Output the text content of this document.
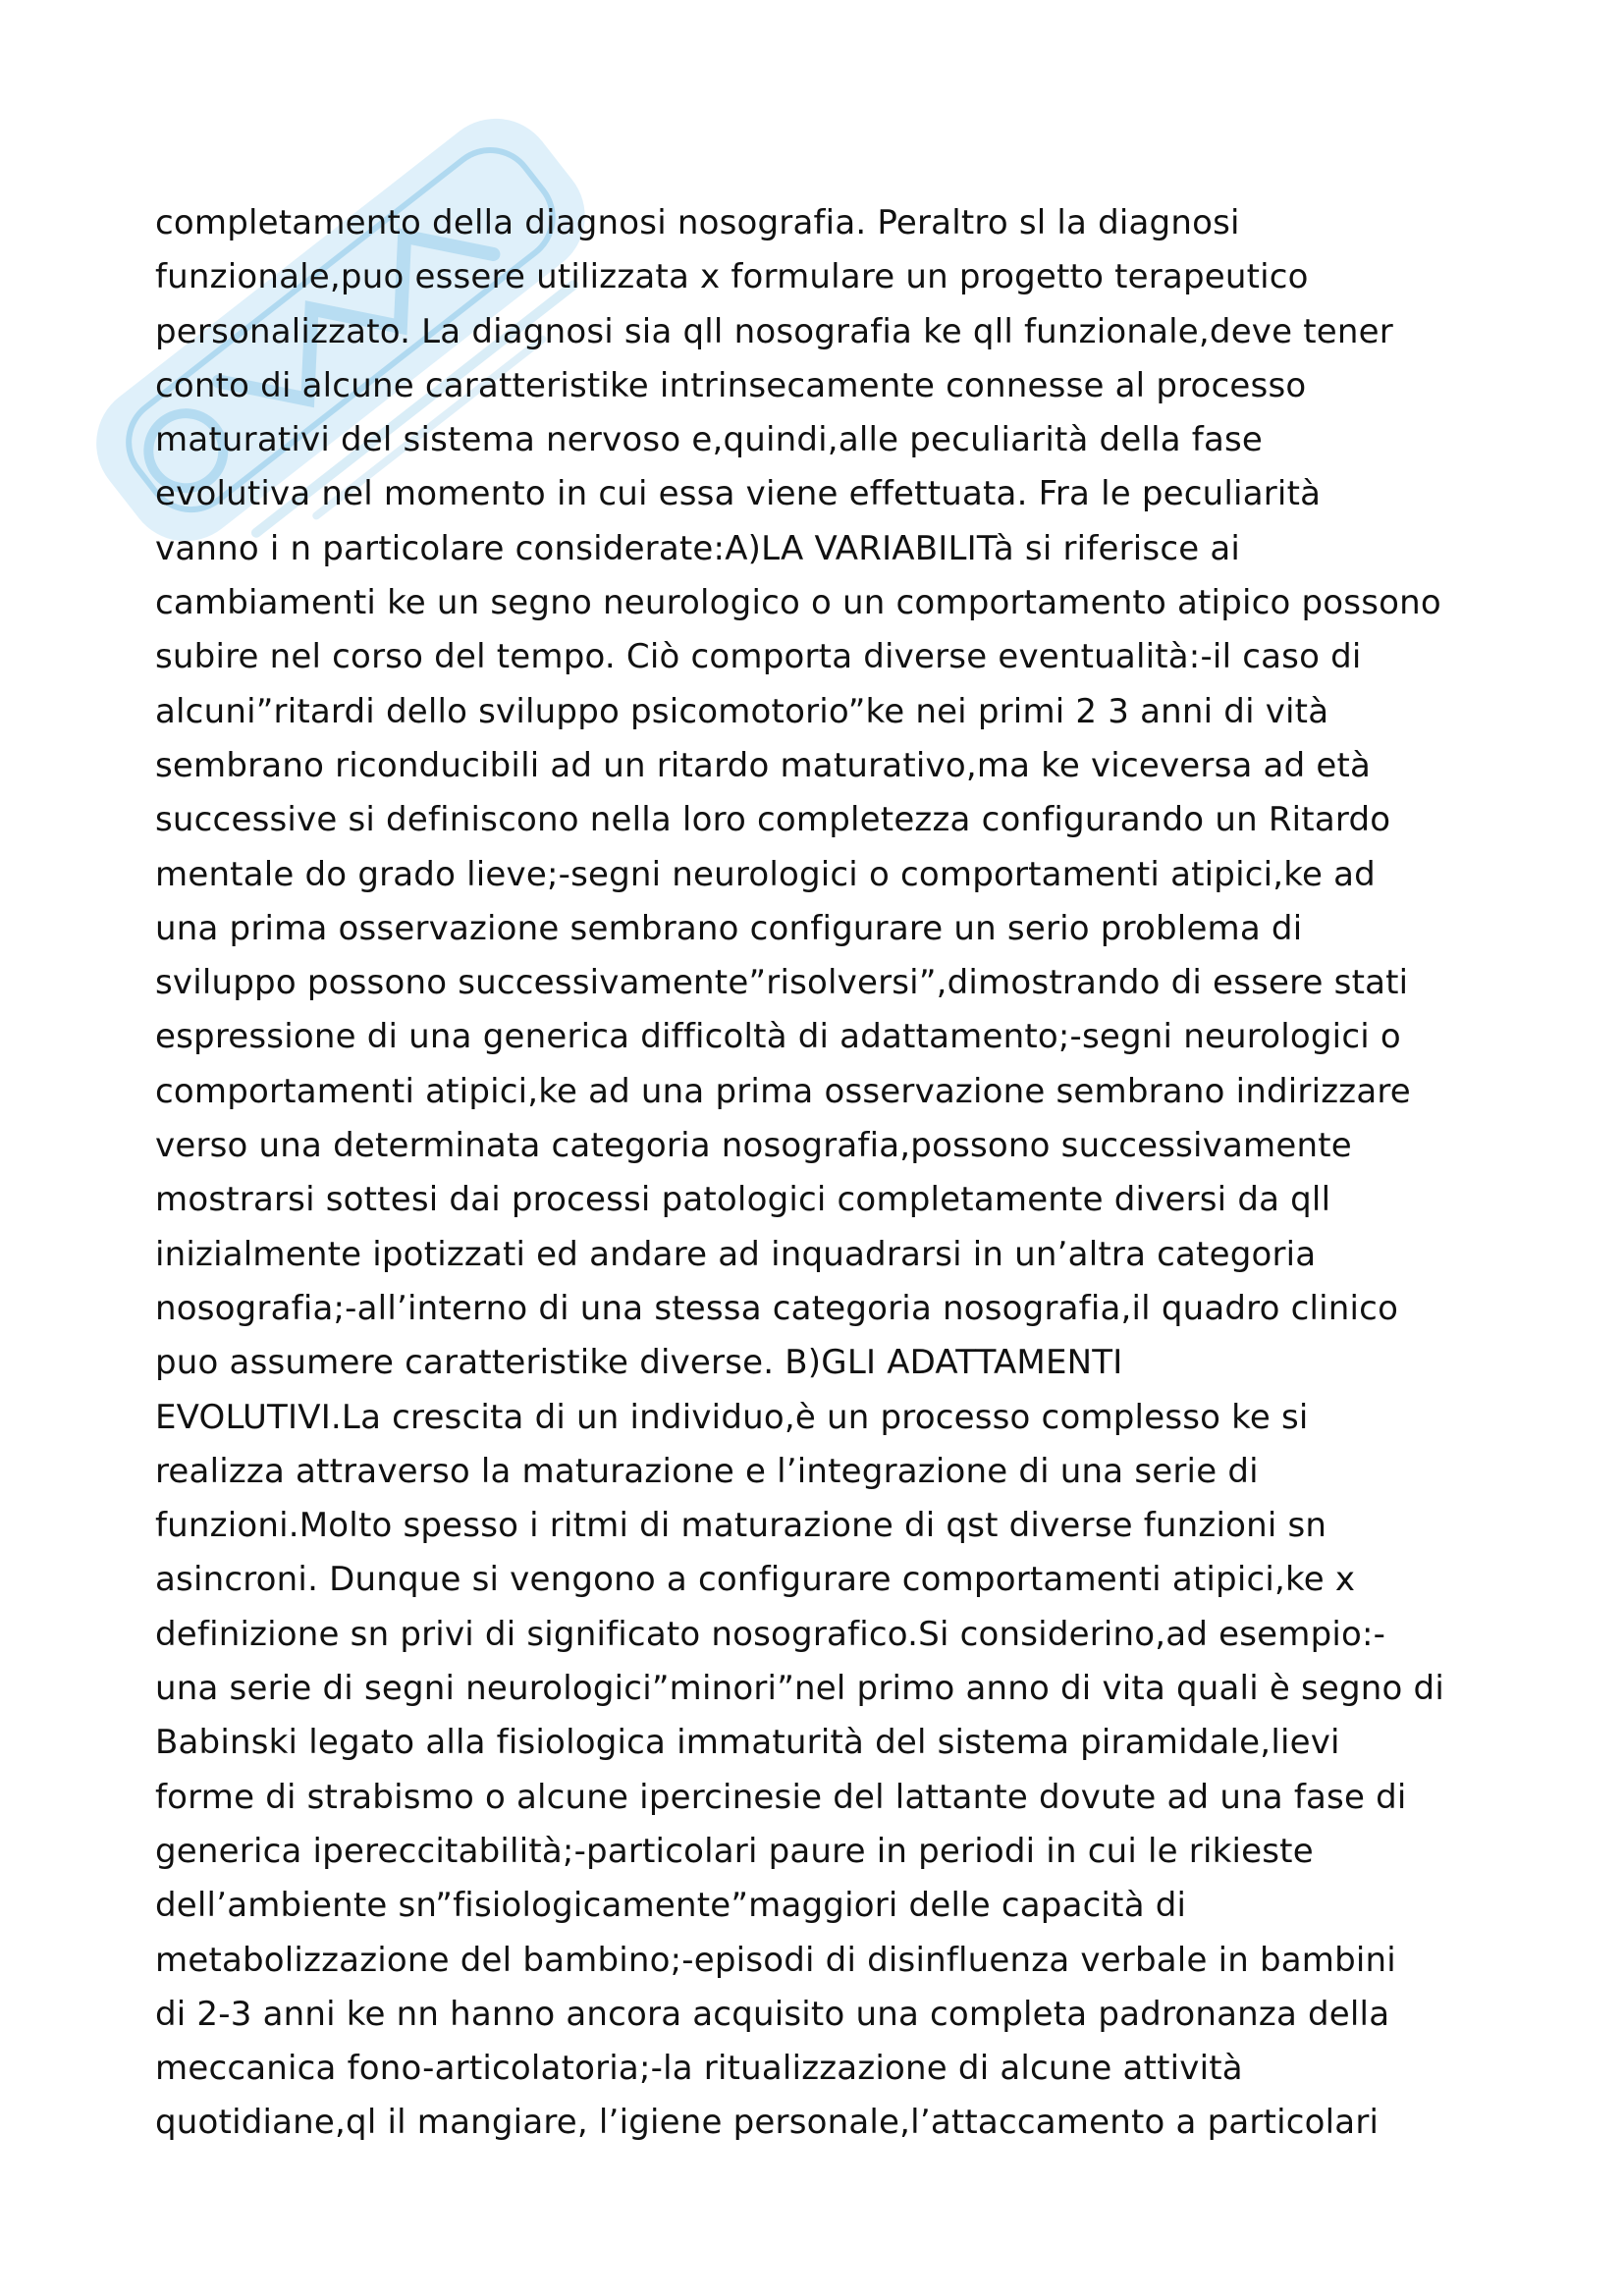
completamento della diagnosi nosografia. Peraltro sl la diagnosi
funzionale,puo essere utilizzata x formulare un progetto terapeutico
personalizzato. La diagnosi sia qll nosografia ke qll funzionale,deve tener
conto di alcune caratteristike intrinsecamente connesse al processo
maturativi del sistema nervoso e,quindi,alle peculiarità della fase
evolutiva nel momento in cui essa viene effettuata. Fra le peculiarità
vanno i n particolare considerate:A)LA VARIABILITà si riferisce ai
cambiamenti ke un segno neurologico o un comportamento atipico possono
subire nel corso del tempo. Ciò comporta diverse eventualità:-il caso di
alcuni”ritardi dello sviluppo psicomotorio”ke nei primi 2 3 anni di vità
sembrano riconducibili ad un ritardo maturativo,ma ke viceversa ad età
successive si definiscono nella loro completezza configurando un Ritardo
mentale do grado lieve;-segni neurologici o comportamenti atipici,ke ad
una prima osservazione sembrano configurare un serio problema di
sviluppo possono successivamente”risolversi”,dimostrando di essere stati
espressione di una generica difficoltà di adattamento;-segni neurologici o
comportamenti atipici,ke ad una prima osservazione sembrano indirizzare
verso una determinata categoria nosografia,possono successivamente
mostrarsi sottesi dai processi patologici completamente diversi da qll
inizialmente ipotizzati ed andare ad inquadrarsi in un’altra categoria
nosografia;-all’interno di una stessa categoria nosografia,il quadro clinico
puo assumere caratteristike diverse. B)GLI ADATTAMENTI
EVOLUTIVI.La crescita di un individuo,è un processo complesso ke si
realizza attraverso la maturazione e l’integrazione di una serie di
funzioni.Molto spesso i ritmi di maturazione di qst diverse funzioni sn
asincroni. Dunque si vengono a configurare comportamenti atipici,ke x
definizione sn privi di significato nosografico.Si considerino,ad esempio:-
una serie di segni neurologici”minori”nel primo anno di vita quali è segno di
Babinski legato alla fisiologica immaturità del sistema piramidale,lievi
forme di strabismo o alcune ipercinesie del lattante dovute ad una fase di
generica ipereccitabilità;-particolari paure in periodi in cui le rikieste
dell’ambiente sn”fisiologicamente”maggiori delle capacità di
metabolizzazione del bambino;-episodi di disinfluenza verbale in bambini
di 2-3 anni ke nn hanno ancora acquisito una completa padronanza della
meccanica fono-articolatoria;-la ritualizzazione di alcune attività
quotidiane,ql il mangiare, l’igiene personale,l’attaccamento a particolari
